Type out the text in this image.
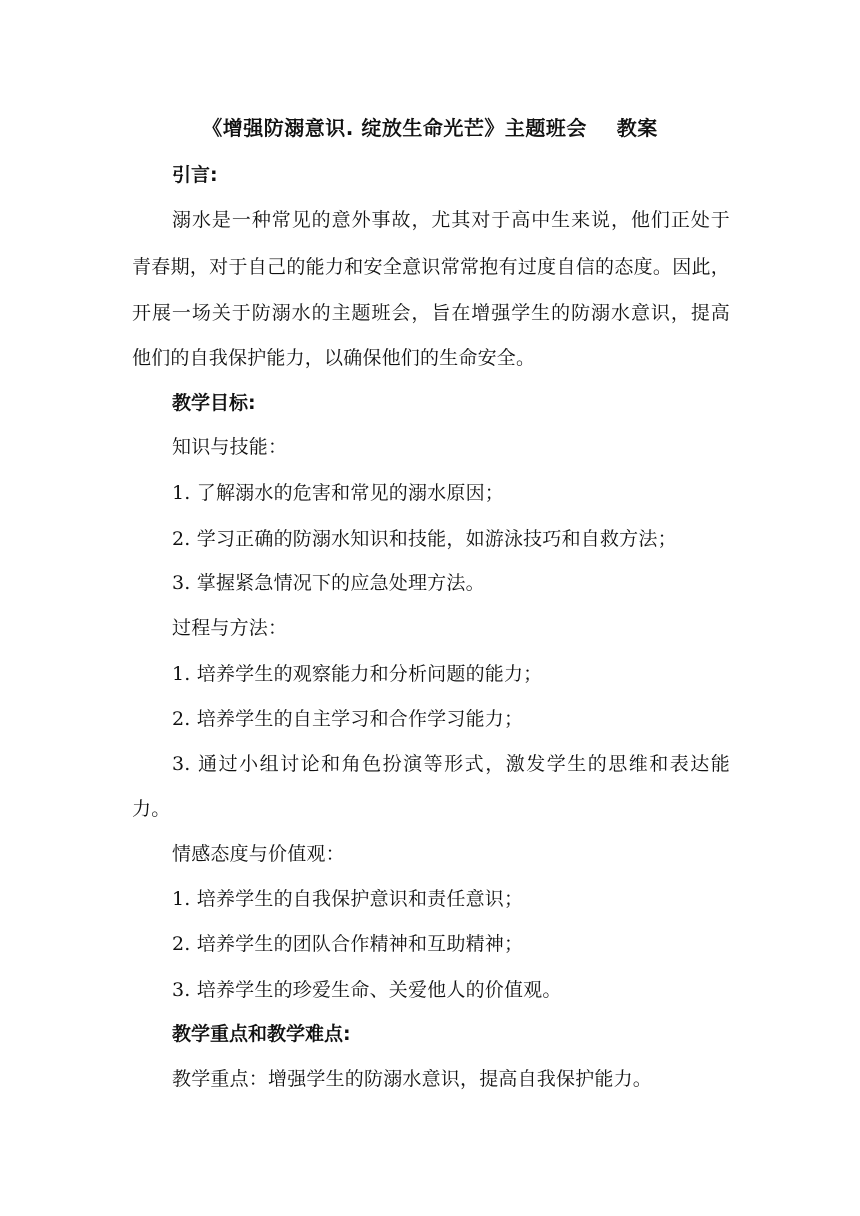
《增强防溺意识. 绽放生命光芒》主题班会    教案
引言:
溺水是一种常见的意外事故，尤其对于高中生来说，他们正处于
青春期，对于自己的能力和安全意识常常抱有过度自信的态度。因此，
开展一场关于防溺水的主题班会，旨在增强学生的防溺水意识，提高
他们的自我保护能力，以确保他们的生命安全。
教学目标:
知识与技能：
1. 了解溺水的危害和常见的溺水原因；
2. 学习正确的防溺水知识和技能，如游泳技巧和自救方法；
3. 掌握紧急情况下的应急处理方法。
过程与方法：
1. 培养学生的观察能力和分析问题的能力；
2. 培养学生的自主学习和合作学习能力；
3. 通过小组讨论和角色扮演等形式，激发学生的思维和表达能
力。
情感态度与价值观：
1. 培养学生的自我保护意识和责任意识；
2. 培养学生的团队合作精神和互助精神；
3. 培养学生的珍爱生命、关爱他人的价值观。
教学重点和教学难点:
教学重点：增强学生的防溺水意识，提高自我保护能力。
